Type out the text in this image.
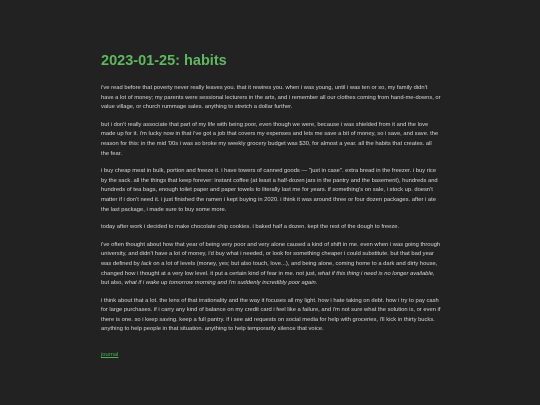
2023-01-25: habits

i've read before that poverty never really leaves you. that it rewires you. when i was young, until i was ten or so, my family didn't have a lot of money; my parents were sessional lecturers in the arts, and i remember all our clothes coming from hand-me-downs, or value village, or church rummage sales. anything to stretch a dollar further.

but i don't really associate that part of my life with being poor, even though we were, because i was shielded from it and the love made up for it. i'm lucky now in that i've got a job that covers my expenses and lets me save a bit of money, so i save, and save. the reason for this: in the mid '00s i was so broke my weekly grocery budget was $30, for almost a year. all the habits that creates. all the fear.

i buy cheap meat in bulk, portion and freeze it. i have towers of canned goods — "just in case". extra bread in the freezer. i buy rice by the sack. all the things that keep forever: instant coffee (at least a half-dozen jars in the pantry and the basement), hundreds and hundreds of tea bags, enough toilet paper and paper towels to literally last me for years. if something's on sale, i stock up. doesn't matter if i don't need it. i just finished the ramen i kept buying in 2020. i think it was around three or four dozen packages. after i ate the last package, i made sure to buy some more.

today after work i decided to make chocolate chip cookies. i baked half a dozen. kept the rest of the dough to freeze.

i've often thought about how that year of being very poor and very alone caused a kind of shift in me. even when i was going through university, and didn't have a lot of money, i'd buy what i needed, or look for something cheaper i could substitute. but that bad year was defined by lack on a lot of levels (money, yes; but also touch, love...), and being alone, coming home to a dark and dirty house, changed how i thought at a very low level. it put a certain kind of fear in me. not just, what if this thing i need is no longer available, but also, what if i wake up tomorrow morning and i'm suddenly incredibly poor again.

i think about that a lot. the lens of that irrationality and the way it focuses all my light. how i hate taking on debt. how i try to pay cash for large purchases. if i carry any kind of balance on my credit card i feel like a failure, and i'm not sure what the solution is, or even if there is one. so i keep saving. keep a full pantry. if i see aid requests on social media for help with groceries, i'll kick in thirty bucks. anything to help people in that situation. anything to help temporarily silence that voice.

journal
